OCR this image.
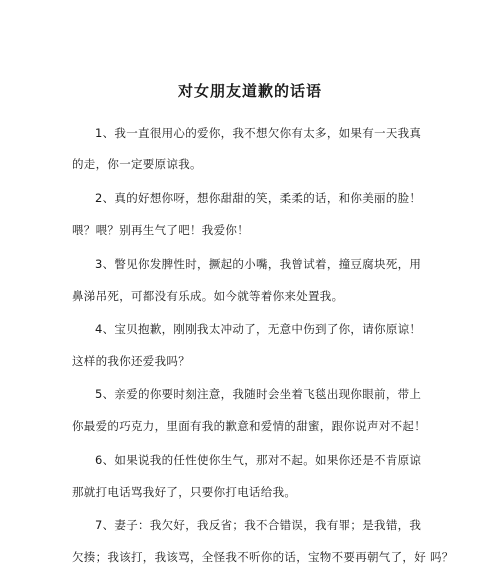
对女朋友道歉的话语
1、我一直很用心的爱你，我不想欠你有太多，如果有一天我真
的走，你一定要原谅我。
2、真的好想你呀，想你甜甜的笑，柔柔的话，和你美丽的脸！
喂？喂？别再生气了吧！我爱你！
3、瞥见你发脾性时，撅起的小嘴，我曾试着，撞豆腐块死，用
鼻涕吊死，可都没有乐成。如今就等着你来处置我。
4、宝贝抱歉，刚刚我太冲动了，无意中伤到了你，请你原谅！
这样的我你还爱我吗？
5、亲爱的你要时刻注意，我随时会坐着飞毯出现你眼前，带上
你最爱的巧克力，里面有我的歉意和爱情的甜蜜，跟你说声对不起！
6、如果说我的任性使你生气，那对不起。如果你还是不肯原谅
那就打电话骂我好了，只要你打电话给我。
7、妻子：我欠好，我反省；我不合错误，我有罪；是我错，我
欠揍；我该打，我该骂，全怪我不听你的话，宝物不要再朝气了，好 吗？
